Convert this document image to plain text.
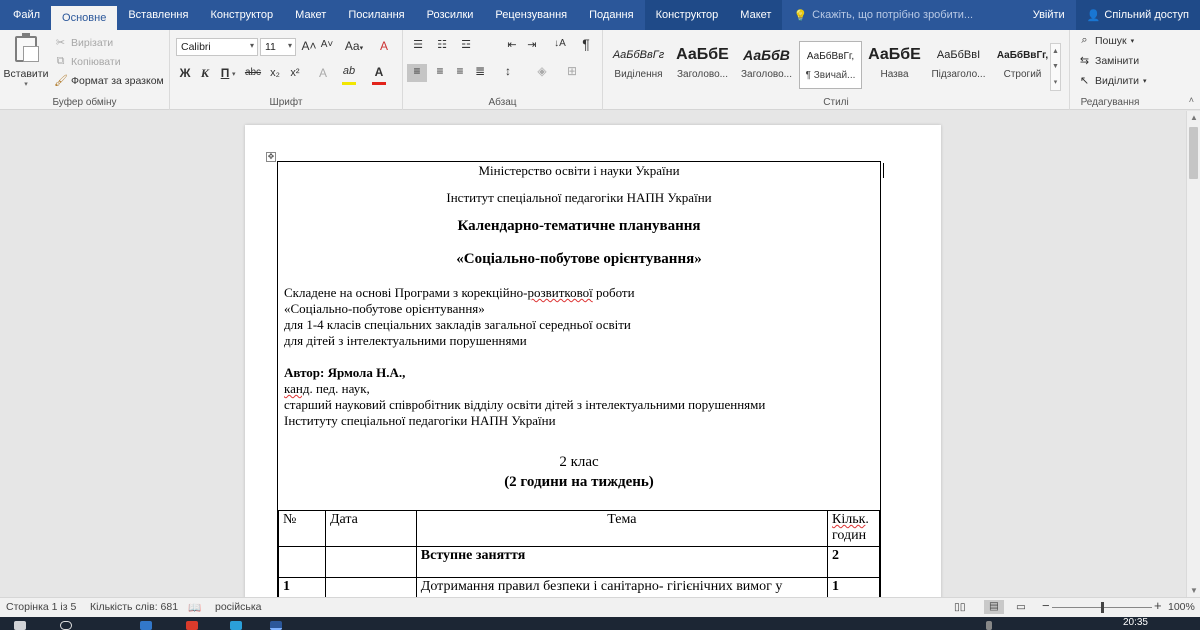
Файл	Основне	Вставлення	Конструктор	Макет	Посилання	Розсилки	Рецензування	Подання	Конструктор	Макет	💡 Скажіть, що потрібно зробити...	Увійти	👤 Спільний доступ
Вставити
▾
✂ Вирізати
⧉ Копіювати
🖌 Формат за зразком
Буфер обміну
Calibri	▾	11 ▾ A˄ A˅ Aa▾	A
Ж К П ▾ abc x₂ x²	A	ab	A
Шрифт
☰	☷	☲	⇤ ⇥	↓A	¶
≡	≡	≡ ≣	↕	◈	⊞
Абзац	Стилі
АаБбВвГг
Виділення
АаБбЕ
Заголово...
АаБбВ
Заголово...
АаБбВвГг,
¶ Звичай...
АаБбЕ
Назва
АаБбВвІ
Підзаголо...
АаБбВвГг,
Строгий
▲
▼
▾
⌕ Пошук ▾
⇆ Замінити
↖ Виділити ▾
Редагування	˄
✥
Міністерство освіти і науки України
Інститут спеціальної педагогіки НАПН України
Календарно-тематичне планування
«Соціально-побутове орієнтування»
Складене на основі Програми з корекційно-розвиткової роботи
«Соціально-побутове орієнтування»
для 1-4 класів спеціальних закладів загальної середньої освіти
для дітей з інтелектуальними порушеннями
Автор: Ярмола Н.А.,
канд. пед. наук,
старший науковий співробітник відділу освіти дітей з інтелектуальними порушеннями
Інституту спеціальної педагогіки НАПН України
2 клас
(2 години на тиждень)
№	Дата	Тема	Кільк.
годин
		Вступне заняття	2
1		Дотримання правил безпеки і санітарно- гігієнічних вимог у	1
▲
▼
Сторінка 1 із 5 Кількість слів: 681 📖 російська	▯▯	▤	▭ −	+ 100%
20:35
